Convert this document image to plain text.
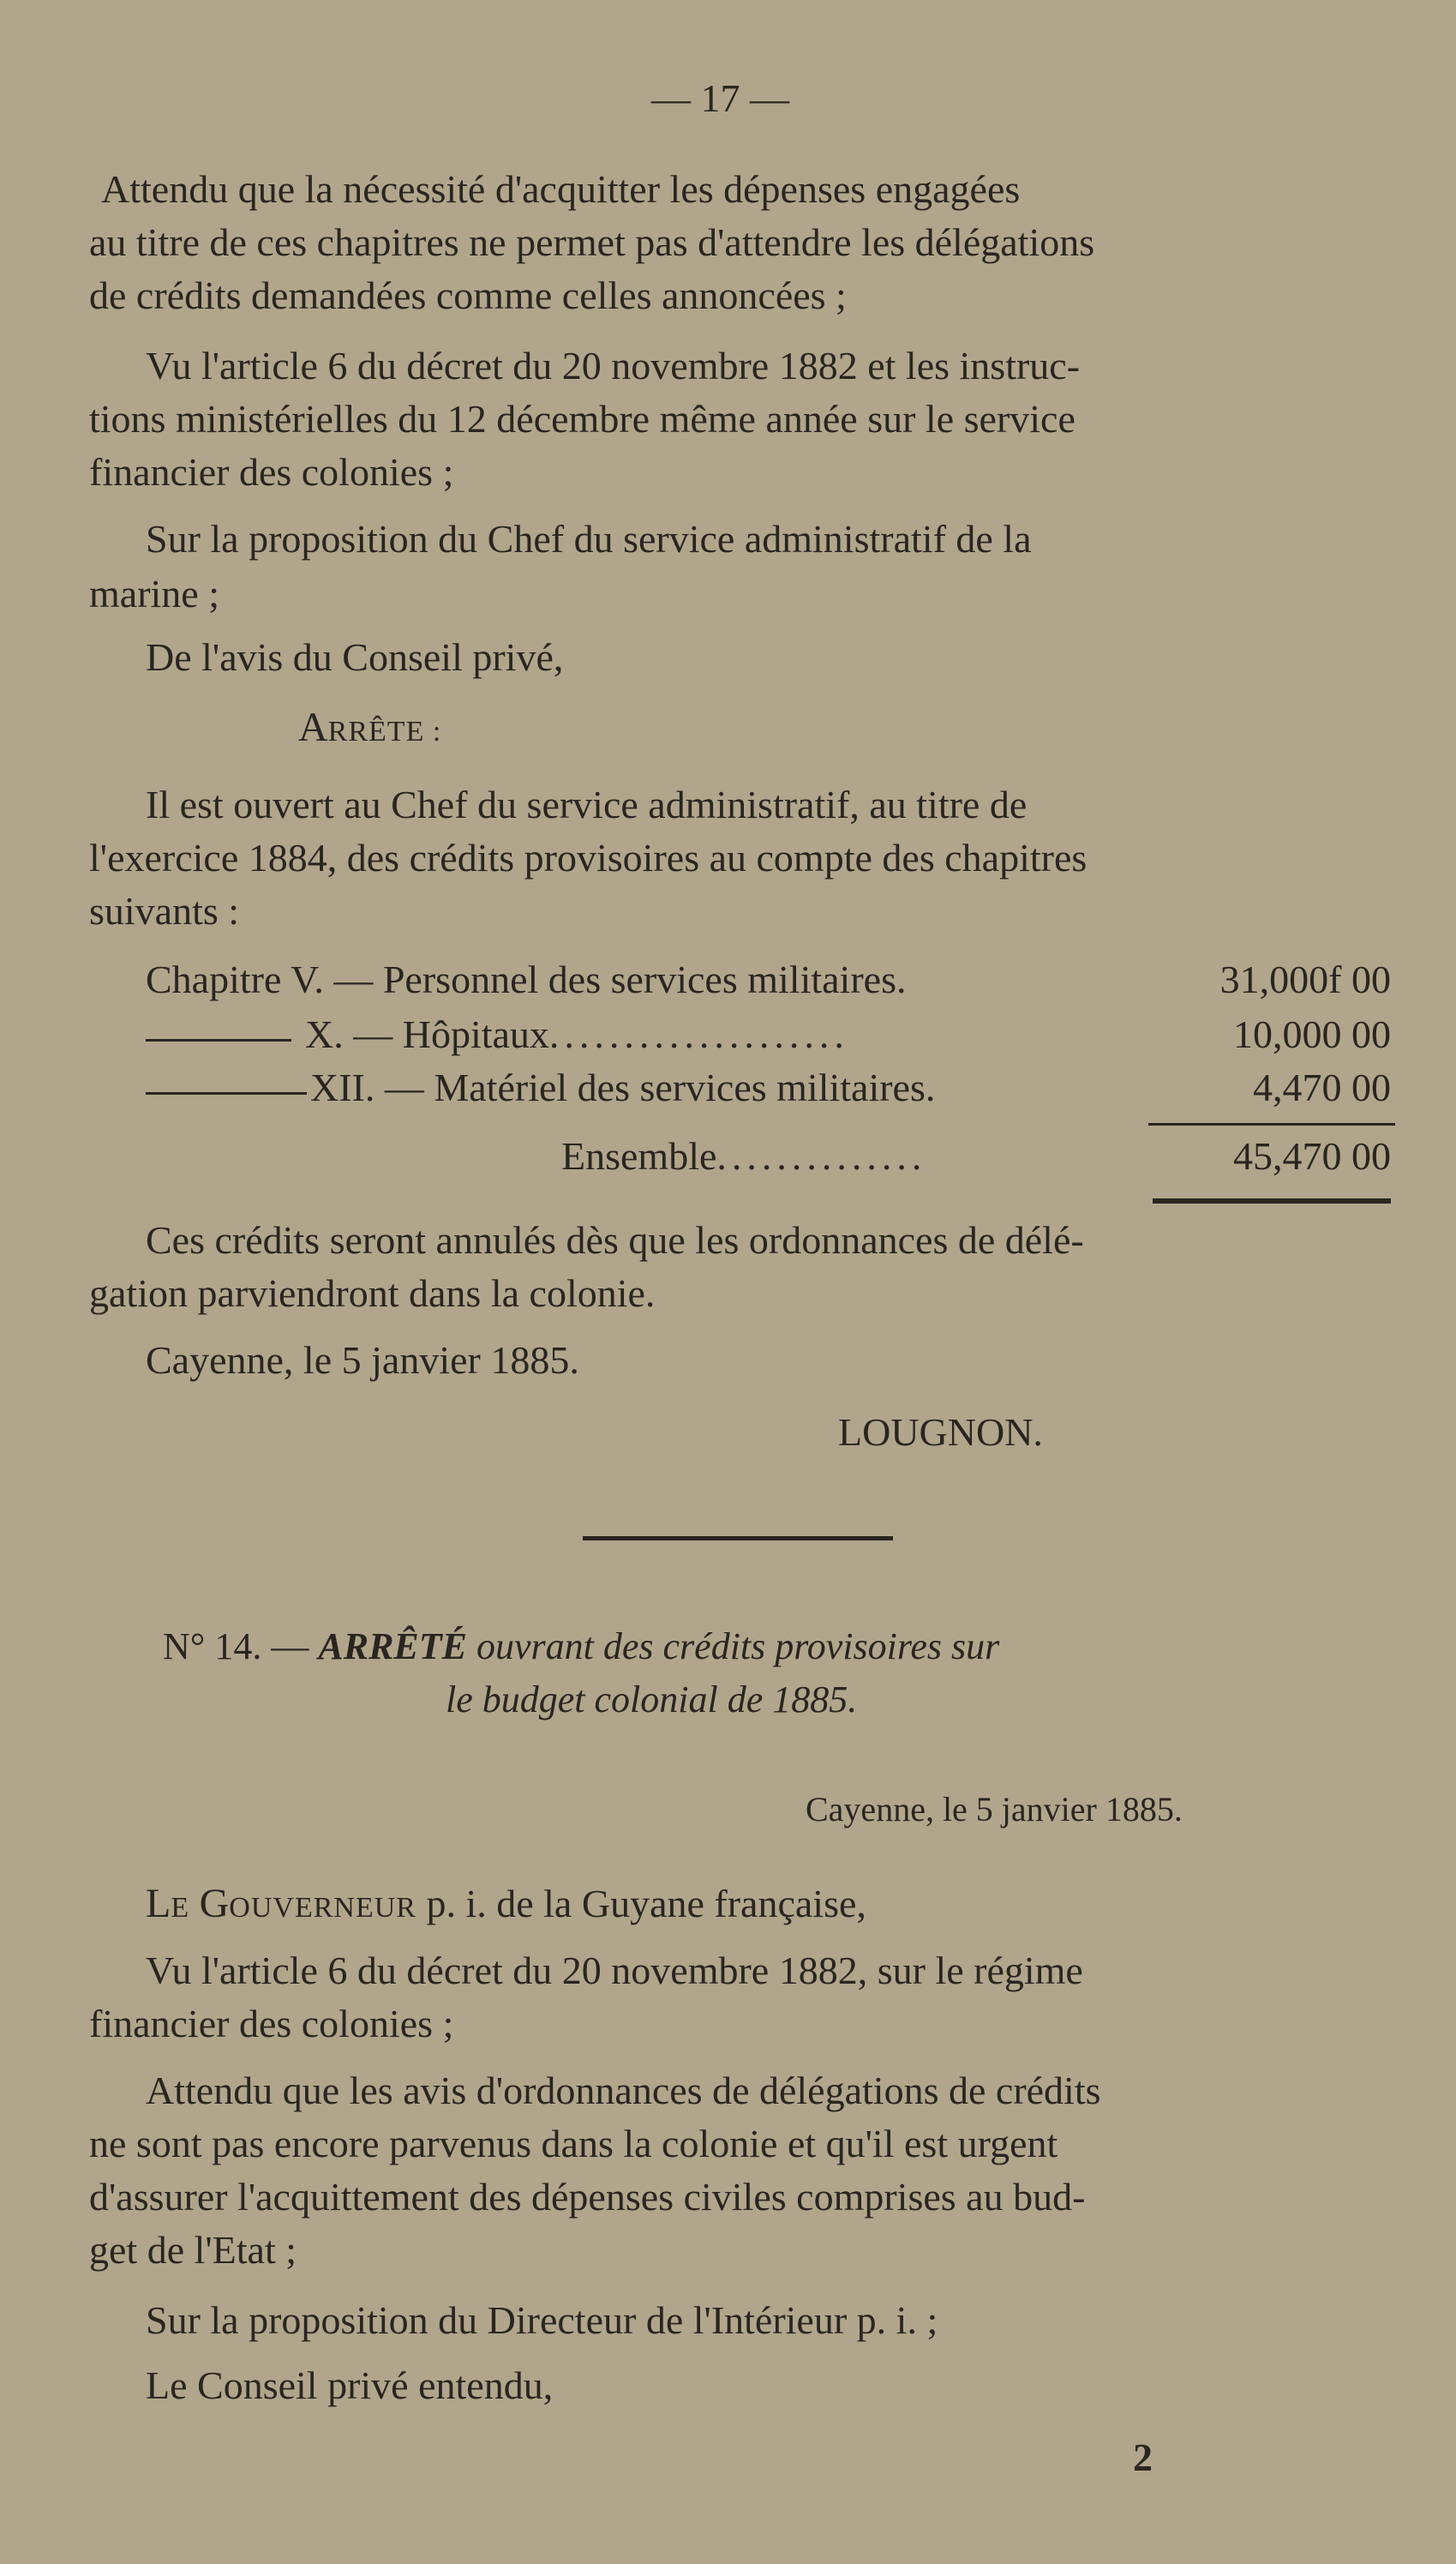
— 17 —
Attendu que la nécessité d'acquitter les dépenses engagées
au titre de ces chapitres ne permet pas d'attendre les délégations
de crédits demandées comme celles annoncées ;
Vu l'article 6 du décret du 20 novembre 1882 et les instruc-
tions ministérielles du 12 décembre même année sur le service
financier des colonies ;
Sur la proposition du Chef du service administratif de la
marine ;
De l'avis du Conseil privé,
ARRÊTE :
Il est ouvert au Chef du service administratif, au titre de
l'exercice 1884, des crédits provisoires au compte des chapitres
suivants :
Chapitre V. — Personnel des services militaires.	31,000f 00
X. — Hôpitaux....................	10,000 00
XII. — Matériel des services militaires.	4,470 00
Ensemble..............	45,470 00
Ces crédits seront annulés dès que les ordonnances de délé-
gation parviendront dans la colonie.
Cayenne, le 5 janvier 1885.
LOUGNON.
N° 14. — ARRÊTÉ ouvrant des crédits provisoires sur
le budget colonial de 1885.
Cayenne, le 5 janvier 1885.
LE GOUVERNEUR p. i. de la Guyane française,
Vu l'article 6 du décret du 20 novembre 1882, sur le régime
financier des colonies ;
Attendu que les avis d'ordonnances de délégations de crédits
ne sont pas encore parvenus dans la colonie et qu'il est urgent
d'assurer l'acquittement des dépenses civiles comprises au bud-
get de l'Etat ;
Sur la proposition du Directeur de l'Intérieur p. i. ;
Le Conseil privé entendu,
2
